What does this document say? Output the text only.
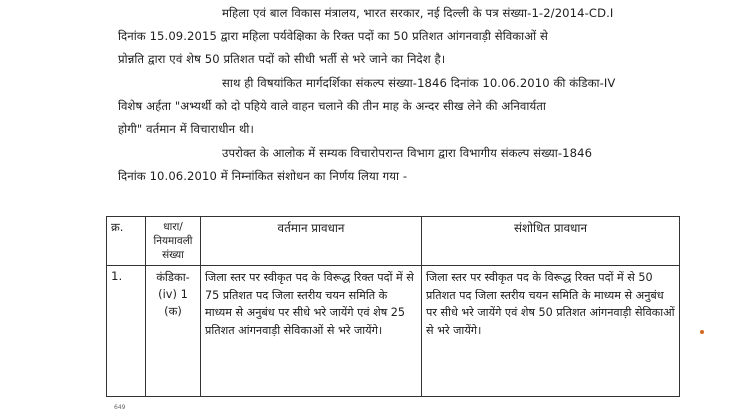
महिला एवं बाल विकास मंत्रालय, भारत सरकार, नई दिल्ली के पत्र संख्या-1-2/2014-CD.I
दिनांक 15.09.2015 द्वारा महिला पर्यवेक्षिका के रिक्त पदों का 50 प्रतिशत आंगनवाड़ी सेविकाओं से
प्रोन्नति द्वारा एवं शेष 50 प्रतिशत पदों को सीधी भर्ती से भरे जाने का निदेश है।
साथ ही विषयांकित मार्गदर्शिका संकल्प संख्या-1846 दिनांक 10.06.2010 की कंडिका-IV
विशेष अर्हता "अभ्यर्थी को दो पहिये वाले वाहन चलाने की तीन माह के अन्दर सीख लेने की अनिवार्यता
होगी" वर्तमान में विचाराधीन थी।
उपरोक्त के आलोक में सम्यक विचारोपरान्त विभाग द्वारा विभागीय संकल्प संख्या-1846
दिनांक 10.06.2010 में निम्नांकित संशोधन का निर्णय लिया गया -
क्र.	धारा/
नियमावली
संख्या	वर्तमान प्रावधान	संशोधित प्रावधान
1.	कंडिका-
(iv) 1
(क)	जिला स्तर पर स्वीकृत पद के विरूद्ध रिक्त पदों में से 75 प्रतिशत पद जिला स्तरीय चयन समिति के माध्यम से अनुबंध पर सीधे भरे जायेंगे एवं शेष 25 प्रतिशत आंगनवाड़ी सेविकाओं से भरे जायेंगे।	जिला स्तर पर स्वीकृत पद के विरूद्ध रिक्त पदों में से 50 प्रतिशत पद जिला स्तरीय चयन समिति के माध्यम से अनुबंध पर सीधे भरे जायेंगे एवं शेष 50 प्रतिशत आंगनवाड़ी सेविकाओं से भरे जायेंगे।
649
